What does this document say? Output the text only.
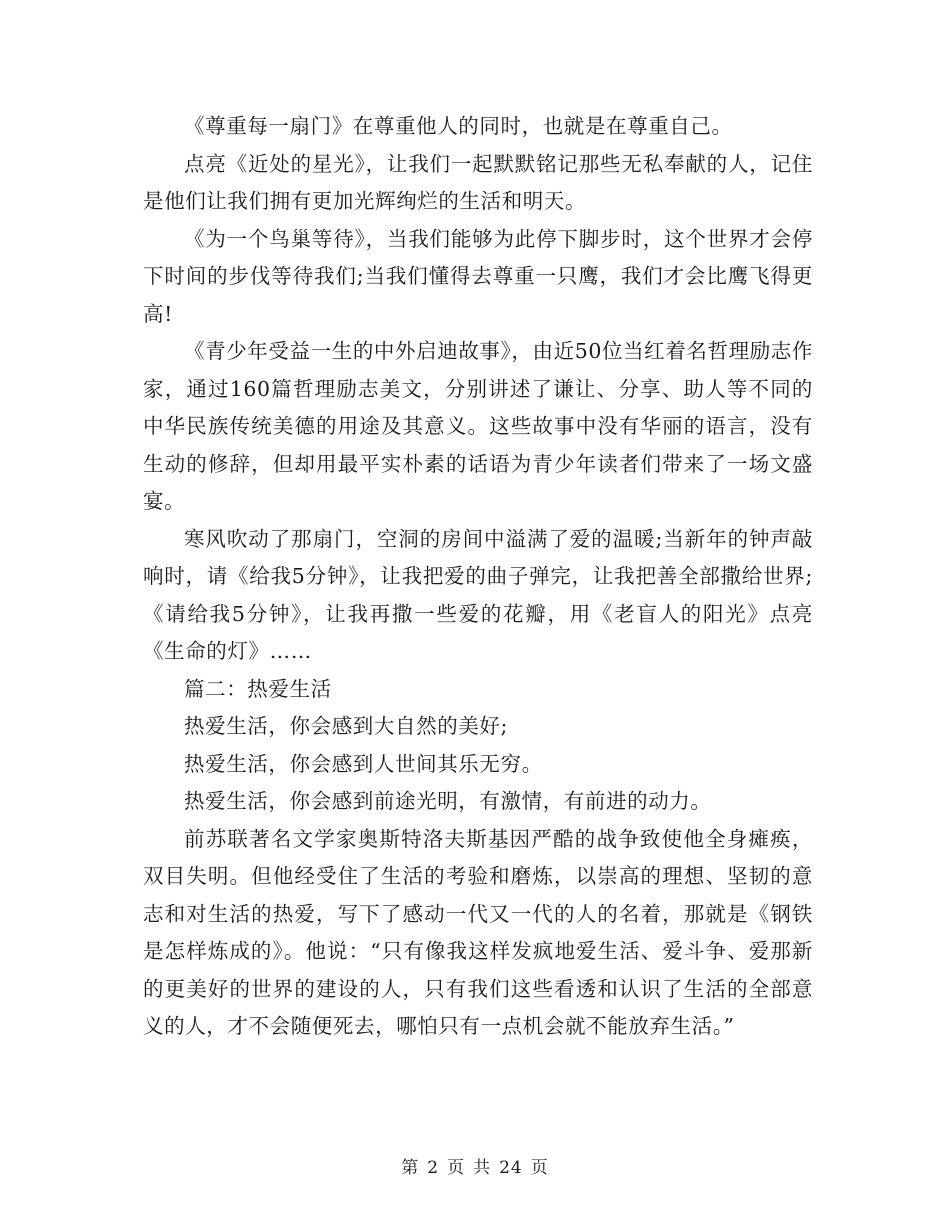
《尊重每一扇门》在尊重他人的同时，也就是在尊重自己。

点亮《近处的星光》，让我们一起默默铭记那些无私奉献的人，记住是他们让我们拥有更加光辉绚烂的生活和明天。

《为一个鸟巢等待》，当我们能够为此停下脚步时，这个世界才会停下时间的步伐等待我们;当我们懂得去尊重一只鹰，我们才会比鹰飞得更高!

《青少年受益一生的中外启迪故事》，由近50位当红着名哲理励志作家，通过160篇哲理励志美文，分别讲述了谦让、分享、助人等不同的中华民族传统美德的用途及其意义。这些故事中没有华丽的语言，没有生动的修辞，但却用最平实朴素的话语为青少年读者们带来了一场文盛宴。

寒风吹动了那扇门，空洞的房间中溢满了爱的温暖;当新年的钟声敲响时，请《给我5分钟》，让我把爱的曲子弹完，让我把善全部撒给世界;《请给我5分钟》，让我再撒一些爱的花瓣，用《老盲人的阳光》点亮《生命的灯》……

篇二：热爱生活

热爱生活，你会感到大自然的美好;

热爱生活，你会感到人世间其乐无穷。

热爱生活，你会感到前途光明，有激情，有前进的动力。

前苏联著名文学家奥斯特洛夫斯基因严酷的战争致使他全身瘫痪，双目失明。但他经受住了生活的考验和磨炼，以崇高的理想、坚韧的意志和对生活的热爱，写下了感动一代又一代的人的名着，那就是《钢铁是怎样炼成的》。他说：“只有像我这样发疯地爱生活、爱斗争、爱那新的更美好的世界的建设的人，只有我们这些看透和认识了生活的全部意义的人，才不会随便死去，哪怕只有一点机会就不能放弃生活。”

第 2 页 共 24 页
